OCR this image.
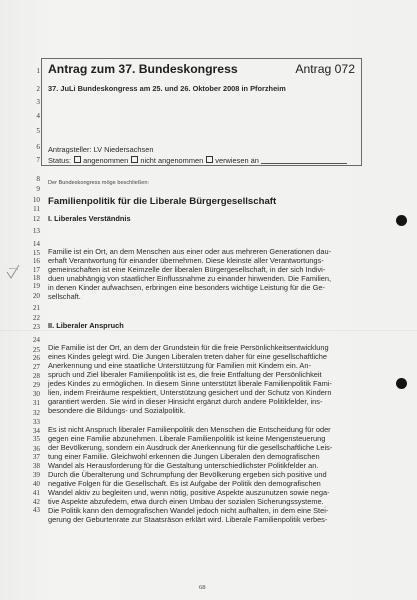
1
2
3
4
5
6
7
8
9
10
11
12
13
14
15
16
17
18
19
20
21
22
23
24
25
26
27
28
29
30
31
32
33
34
35
36
37
38
39
40
41
42
43
Antrag zum 37. Bundeskongress	Antrag 072
37. JuLi Bundeskongress am 25. und 26. Oktober 2008 in Pforzheim
Antragsteller: LV Niedersachsen
Status: angenommen nicht angenommen verwiesen an
Der Bundeskongress möge beschließen:
Familienpolitik für die Liberale Bürgergesellschaft
I. Liberales Verständnis
Familie ist ein Ort, an dem Menschen aus einer oder aus mehreren Generationen dau-
erhaft Verantwortung für einander übernehmen. Diese kleinste aller Verantwortungs-
gemeinschaften ist eine Keimzelle der liberalen Bürgergesellschaft, in der sich Indivi-
duen unabhängig von staatlicher Einflussnahme zu einander hinwenden. Die Familien,
in denen Kinder aufwachsen, erbringen eine besonders wichtige Leistung für die Ge-
sellschaft.
II. Liberaler Anspruch
Die Familie ist der Ort, an dem der Grundstein für die freie Persönlichkeitsentwicklung
eines Kindes gelegt wird. Die Jungen Liberalen treten daher für eine gesellschaftliche
Anerkennung und eine staatliche Unterstützung für Familien mit Kindern ein. An-
spruch und Ziel liberaler Familienpolitik ist es, die freie Entfaltung der Persönlichkeit
jedes Kindes zu ermöglichen. In diesem Sinne unterstützt liberale Familienpolitik Fami-
lien, indem Freiräume respektiert, Unterstützung gesichert und der Schutz von Kindern
garantiert werden. Sie wird in dieser Hinsicht ergänzt durch andere Politikfelder, ins-
besondere die Bildungs- und Sozialpolitik.
Es ist nicht Anspruch liberaler Familienpolitik den Menschen die Entscheidung für oder
gegen eine Familie abzunehmen. Liberale Familienpolitik ist keine Mengensteuerung
der Bevölkerung, sondern ein Ausdruck der Anerkennung für die gesellschaftliche Leis-
tung einer Familie. Gleichwohl erkennen die Jungen Liberalen den demografischen
Wandel als Herausforderung für die Gestaltung unterschiedlichster Politikfelder an.
Durch die Überalterung und Schrumpfung der Bevölkerung ergeben sich positive und
negative Folgen für die Gesellschaft. Es ist Aufgabe der Politik den demografischen
Wandel aktiv zu begleiten und, wenn nötig, positive Aspekte auszunutzen sowie nega-
tive Aspekte abzufedern, etwa durch einen Umbau der sozialen Sicherungssysteme.
Die Politik kann den demografischen Wandel jedoch nicht aufhalten, in dem eine Stei-
gerung der Geburtenrate zur Staatsräson erklärt wird. Liberale Familienpolitik verbes-
68
